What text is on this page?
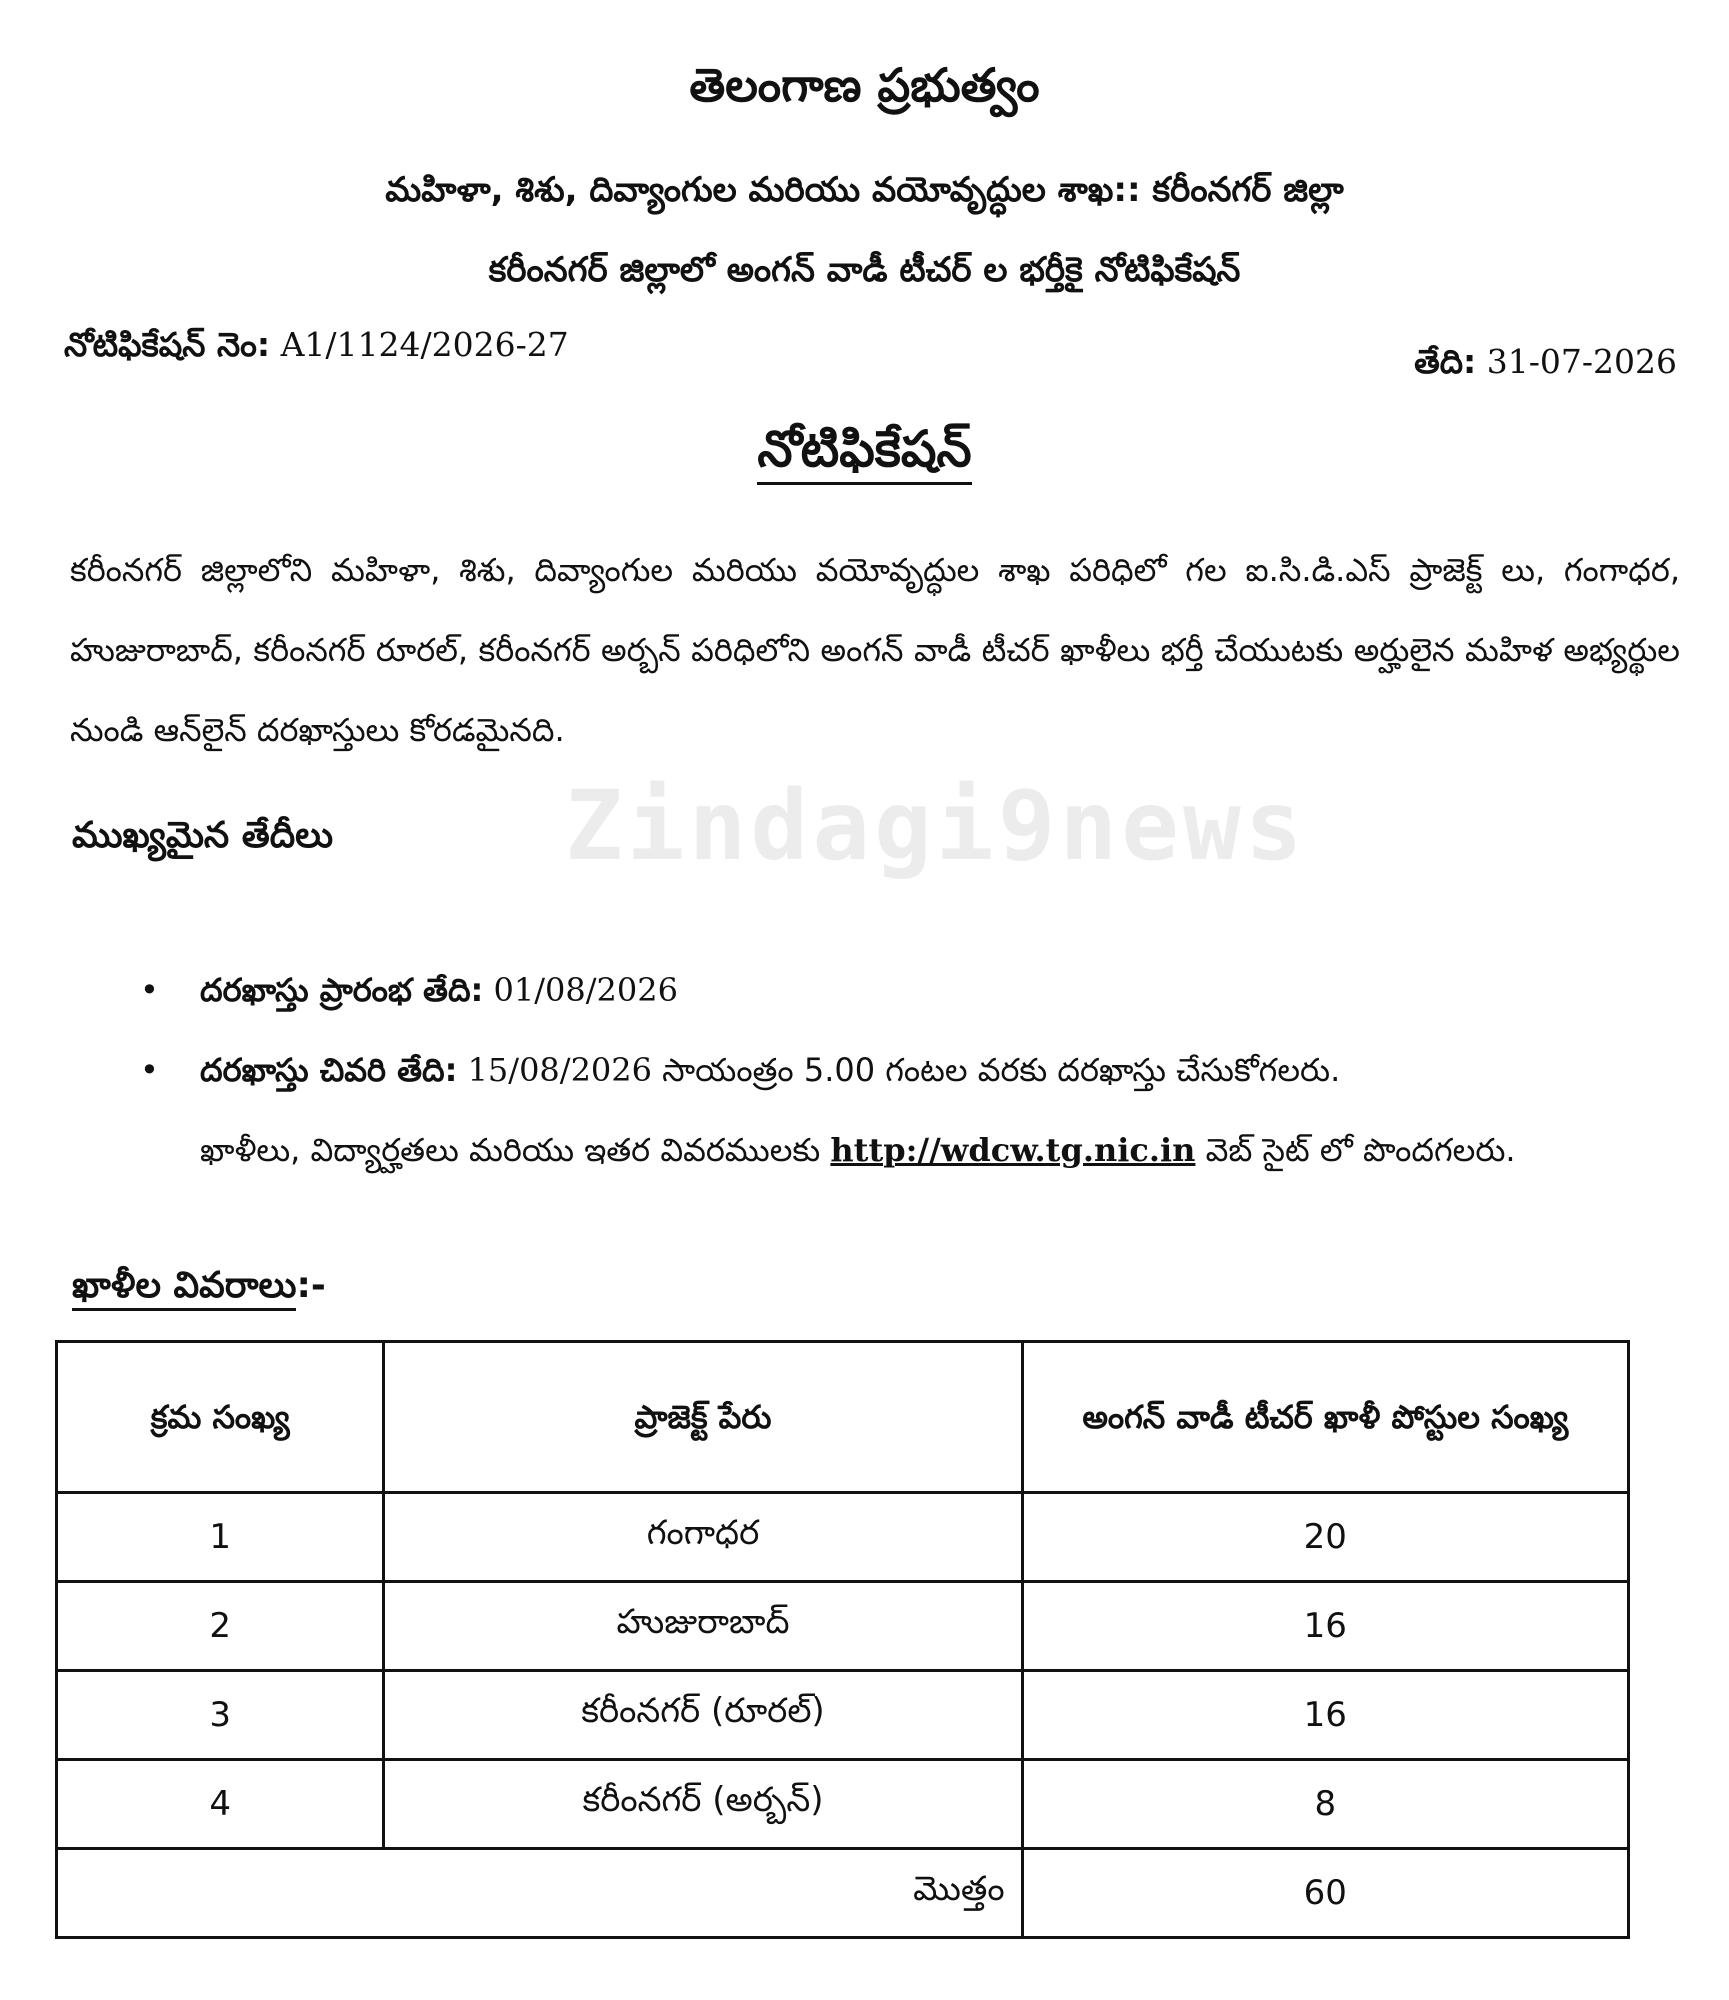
తెలంగాణ ప్రభుత్వం
మహిళా, శిశు, దివ్యాంగుల మరియు వయోవృద్ధుల శాఖ:: కరీంనగర్ జిల్లా
కరీంనగర్ జిల్లాలో అంగన్ వాడీ టీచర్ ల భర్తీకై నోటిఫికేషన్
నోటిఫికేషన్ నెం: A1/1124/2026-27	తేది: 31-07-2026
నోటిఫికేషన్

కరీంనగర్ జిల్లాలోని మహిళా, శిశు, దివ్యాంగుల మరియు వయోవృద్ధుల శాఖ పరిధిలో గల ఐ.సి.డి.ఎస్ ప్రాజెక్ట్ లు, గంగాధర, హుజురాబాద్, కరీంనగర్ రూరల్, కరీంనగర్ అర్బన్ పరిధిలోని అంగన్ వాడీ టీచర్ ఖాళీలు భర్తీ చేయుటకు అర్హులైన మహిళ అభ్యర్థుల నుండి ఆన్‌లైన్ దరఖాస్తులు కోరడమైనది.

Zindagi9news
ముఖ్యమైన తేదీలు
• దరఖాస్తు ప్రారంభ తేది: 01/08/2026
• దరఖాస్తు చివరి తేది: 15/08/2026 సాయంత్రం 5.00 గంటల వరకు దరఖాస్తు చేసుకోగలరు.
ఖాళీలు, విద్యార్హతలు మరియు ఇతర వివరములకు http://wdcw.tg.nic.in వెబ్ సైట్ లో పొందగలరు.
ఖాళీల వివరాలు:-
క్రమ సంఖ్య	ప్రాజెక్ట్ పేరు	అంగన్ వాడీ టీచర్ ఖాళీ పోస్టుల సంఖ్య
1	గంగాధర	20
2	హుజురాబాద్	16
3	కరీంనగర్ (రూరల్)	16
4	కరీంనగర్ (అర్బన్)	8
మొత్తం		60
